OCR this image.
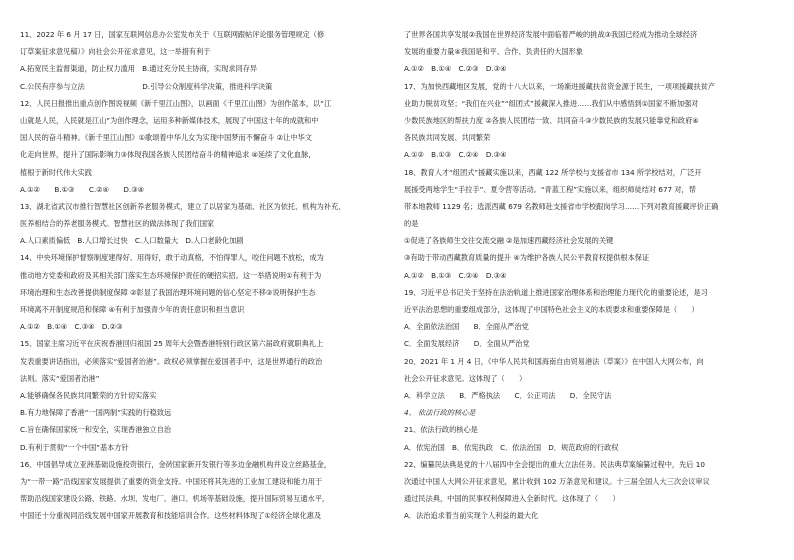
11、2022 年 6 月 17 日，国家互联网信息办公室发布关于《互联网跟帖评论服务管理规定（修
订草案征求意见稿）》向社会公开征求意见，这一举措有利于
A.拓宽民主监督渠道，防止权力滥用　B.通过充分民主协商，实现求同存异
C.公民有序参与立法　　　　　　　　D.引导公众制度科学决策，推进科学决策
12、人民日报推出重点创作图说视频《新千里江山图》，以画面《千里江山图》为创作蓝本，以“江
山就是人民，人民就是江山”为创作理念，运用多种新媒体技术，展现了中国这十年的成就和中
国人民的奋斗精神。《新千里江山图》①歌颂着中华儿女为实现中国梦而不懈奋斗 ②让中华文
化走向世界，提升了国际影响力③体现我国各族人民团结奋斗的精神追求 ④延续了文化血脉，
植根于新时代伟大实践
A.①②　　B.①③　　C.②④　　D.③④
13、湖北省武汉市推行智慧社区创新养老服务模式，建立了以居家为基础、社区为依托、机构为补充、
医养相结合的养老服务模式。智慧社区的做法体现了我们国家
A.人口素质偏低　B.人口增长过快　C.人口数量大　D.人口老龄化加剧
14、中央环境保护督察制度建得好、用得好，敢于动真格，不怕得罪人，咬住问题不放松，成为
推动地方党委和政府及其相关部门落实生态环境保护责任的硬招实招。这一举措说明①有利于为
环境治理和生态改善提供制度保障 ②彰显了我国治理环境问题的信心坚定不移③说明保护生态
环境离不开制度规范和保障 ④有利于加强青少年的责任意识和担当意识
A.①②　B.①④　C.③④　D.②③
15、国家主席习近平在庆祝香港回归祖国 25 周年大会暨香港特别行政区第六届政府就职典礼上
发表重要讲话指出，必须落实“爱国者治港”。政权必须掌握在爱国者手中，这是世界通行的政治
法则。落实“爱国者治港”
A.能够确保各民族共同繁荣的方针切实落实
B.有力地保障了香港“一国两制”实践的行稳致远
C.旨在确保国家统一和安全，实现香港独立自治
D.有利于贯彻“一个中国”基本方针
16、中国倡导成立亚洲基础设施投资银行，金砖国家新开发银行等多边金融机构并设立丝路基金，
为“一带一路”沿线国家发展提供了重要的资金支持。中国还将其先进的工业加工建设和能力用于
帮助沿线国家建设公路、铁路、水坝、发电厂、港口、机场等基础设施，提升国际贸易互通水平，
中国还十分重视同沿线发展中国家开展教育和技能培训合作。这些材料体现了①经济全球化惠及
了世界各国共享发展②我国在世界经济发展中面临着严峻的挑战③我国已经成为推动全球经济
发展的重要力量④我国是和平、合作、负责任的大国形象
A.①②　B.①④　C.②③　D.③④
17、为加快西藏地区发展，党的十八大以来，一场渐进援藏扶贫资金源于民生，一项项援藏扶贫产
业助力脱贫攻坚；“我们在兴业”“组团式”援藏深入推进……我们从中感悟到①国家不断加强对
少数民族地区的帮扶力度 ②各族人民团结一致、共同奋斗③少数民族的发展只能靠党和政府④
各民族共同发展、共同繁荣
A.①②　B.①③　C.②④　D.③④
18、教育人才“组团式”援藏实施以来，西藏 122 所学校与支援省市 134 所学校结对，广泛开
展援受两地学生“手拉手”、夏令营等活动。“青蓝工程”实施以来，组织师徒结对 677 对，帮
带本地教师 1129 名；选派西藏 679 名教师赴支援省市学校跟岗学习……下列对教育援藏评价正确
的是
①促进了各族师生交往交流交融 ②是加速西藏经济社会发展的关键
③有助于带动西藏教育质量的提升 ④为维护各族人民公平教育权提供根本保证
A.①②　B.①③　C.②④　D.③④
19、习近平总书记关于坚持在法治轨道上推进国家治理体系和治理能力现代化的重要论述，是习
近平法治思想的重要组成部分，这体现了中国特色社会主义的本质要求和重要保障是（　　）
A．全面依法治国　　B．全面从严治党
C．全面发展经济　　D．全面从严治党
20、2021 年 1 月 4 日，《中华人民共和国海南自由贸易港法（草案）》在中国人大网公布，向
社会公开征求意见。这体现了（　　）
A．科学立法　　B．严格执法　　C．公正司法　　D．全民守法
4、 依法行政的核心是
21、依法行政的核心是
A．依宪治国　B．依宪执政　C．依法治国　D．规范政府的行政权
22、编纂民法典是党的十八届四中全会提出的重大立法任务。民法典草案编纂过程中，先后 10
次通过中国人大网公开征求意见，累计收到 102 万条意见和建议。十三届全国人大三次会议审议
通过民法典，中国的民事权利保障进入全新时代。这体现了（　　）
A．法治追求着当前实现个人利益的最大化
